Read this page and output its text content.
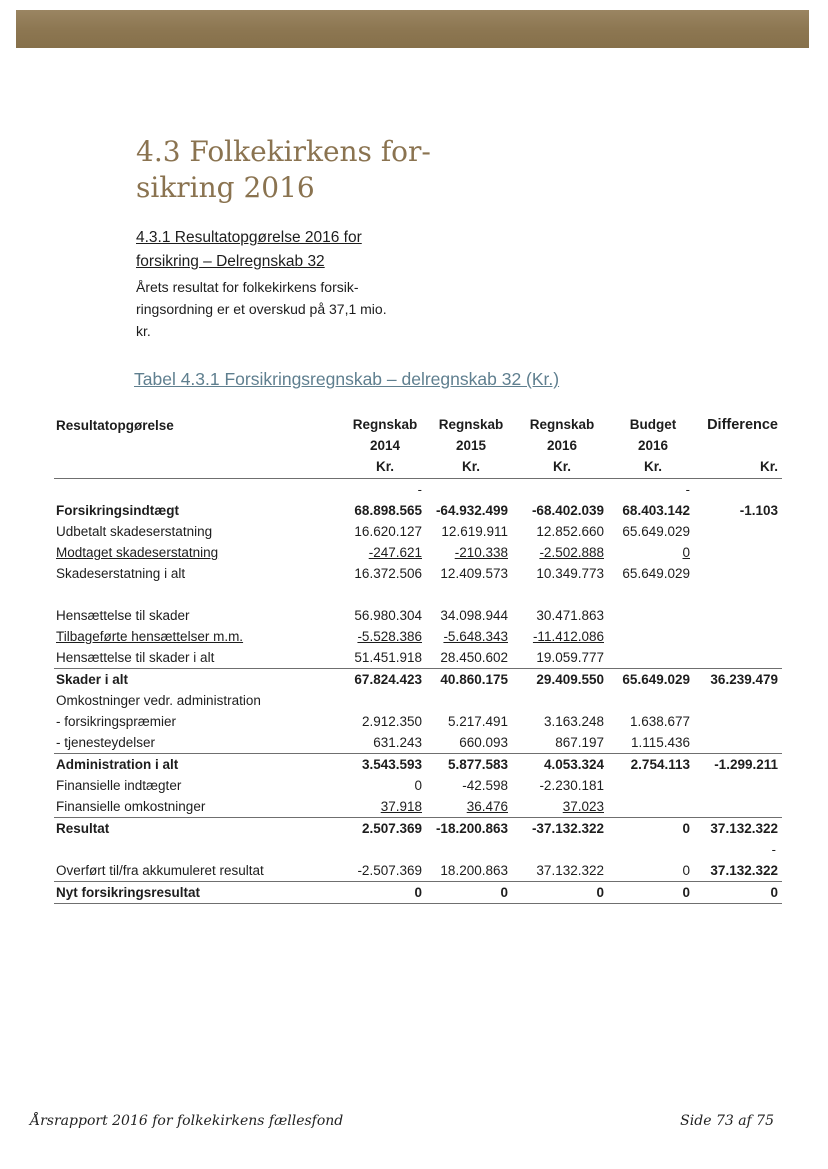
4.3 Folkekirkens for-sikring 2016
4.3.1 Resultatopgørelse 2016 for forsikring – Delregnskab 32

Årets resultat for folkekirkens forsik-ringsordning er et overskud på 37,1 mio. kr.

Tabel 4.3.1 Forsikringsregnskab – delregnskab 32 (Kr.)
Resultatopgørelse	Regnskab	Regnskab	Regnskab	Budget	Difference
	2014	2015	2016	2016	
	Kr.	Kr.	Kr.	Kr.	Kr.
	-			-	
Forsikringsindtægt	68.898.565	-64.932.499	-68.402.039	68.403.142	-1.103
Udbetalt skadeserstatning	16.620.127	12.619.911	12.852.660	65.649.029	
Modtaget skadeserstatning	-247.621	-210.338	-2.502.888	0	
Skadeserstatning i alt	16.372.506	12.409.573	10.349.773	65.649.029	

Hensættelse til skader	56.980.304	34.098.944	30.471.863		
Tilbageførte hensættelser m.m.	-5.528.386	-5.648.343	-11.412.086		
Hensættelse til skader i alt	51.451.918	28.450.602	19.059.777		
Skader i alt	67.824.423	40.860.175	29.409.550	65.649.029	36.239.479
Omkostninger vedr. administration					
- forsikringspræmier	2.912.350	5.217.491	3.163.248	1.638.677	
- tjenesteydelser	631.243	660.093	867.197	1.115.436	
Administration i alt	3.543.593	5.877.583	4.053.324	2.754.113	-1.299.211
Finansielle indtægter	0	-42.598	-2.230.181		
Finansielle omkostninger	37.918	36.476	37.023		
Resultat	2.507.369	-18.200.863	-37.132.322	0	37.132.322
					-
Overført til/fra akkumuleret resultat	-2.507.369	18.200.863	37.132.322	0	37.132.322
Nyt forsikringsresultat	0	0	0	0	0
Årsrapport 2016 for folkekirkens fællesfond	Side 73 af 75
